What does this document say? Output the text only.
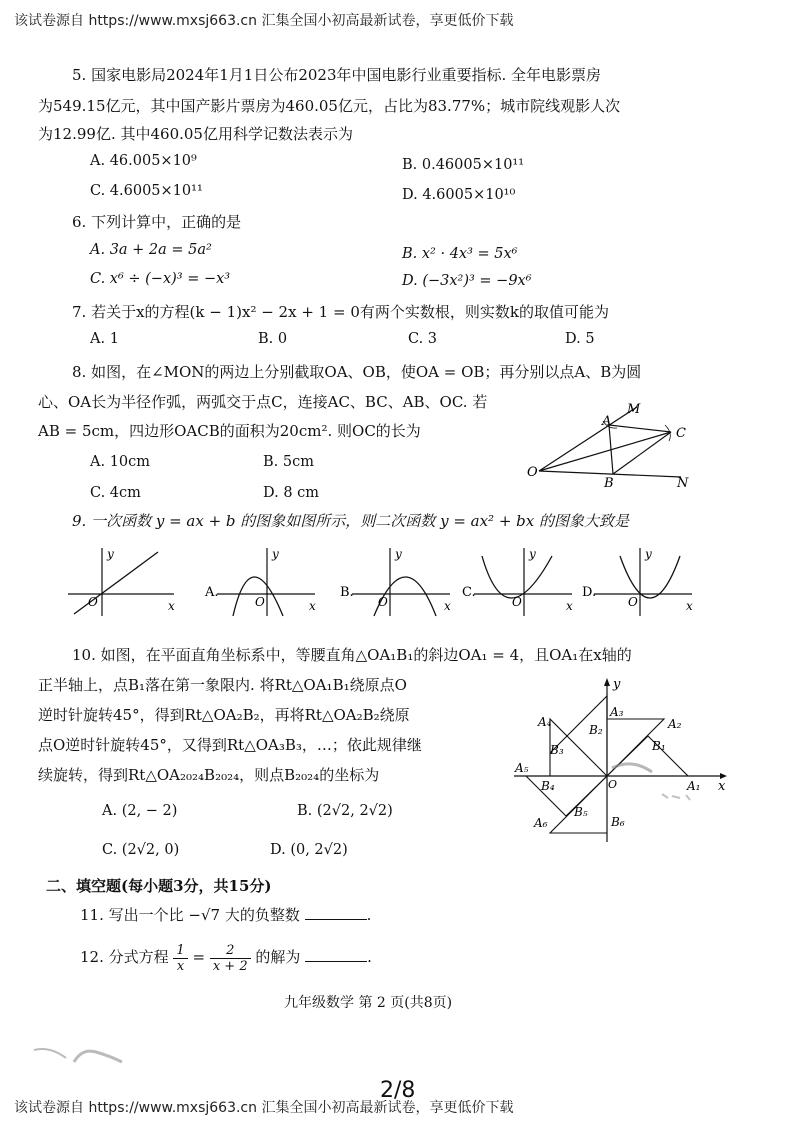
该试卷源自 https://www.mxsj663.cn 汇集全国小初高最新试卷，享更低价下载
该试卷源自 https://www.mxsj663.cn 汇集全国小初高最新试卷，享更低价下载
5. 国家电影局2024年1月1日公布2023年中国电影行业重要指标. 全年电影票房
为549.15亿元，其中国产影片票房为460.05亿元，占比为83.77%；城市院线观影人次
为12.99亿. 其中460.05亿用科学记数法表示为
A. 46.005×10⁹	B. 0.46005×10¹¹
C. 4.6005×10¹¹	D. 4.6005×10¹⁰
6. 下列计算中，正确的是
A. 3a + 2a = 5a²	B. x² · 4x³ = 5x⁶
C. x⁶ ÷ (−x)³ = −x³	D. (−3x²)³ = −9x⁶
7. 若关于x的方程(k − 1)x² − 2x + 1 = 0有两个实数根，则实数k的取值可能为
A. 1	B. 0	C. 3	D. 5
8. 如图，在∠MON的两边上分别截取OA、OB，使OA = OB；再分别以点A、B为圆
心、OA长为半径作弧，两弧交于点C，连接AC、BC、AB、OC. 若
AB = 5cm，四边形OACB的面积为20cm². 则OC的长为
A. 10cm	B. 5cm
C. 4cm	D. 8 cm
M
A
C
O
B	N
9. 一次函数 y = ax + b 的图象如图所示，则二次函数 y = ax² + bx 的图象大致是
y
x
O
A.
y
x
O
B.
y
x
O
C.
y
x
O
D.
y
x
O
10. 如图，在平面直角坐标系中，等腰直角△OA₁B₁的斜边OA₁ = 4，且OA₁在x轴的
正半轴上，点B₁落在第一象限内. 将Rt△OA₁B₁绕原点O
逆时针旋转45°，得到Rt△OA₂B₂，再将Rt△OA₂B₂绕原
点O逆时针旋转45°，又得到Rt△OA₃B₃，…；依此规律继
续旋转，得到Rt△OA₂₀₂₄B₂₀₂₄，则点B₂₀₂₄的坐标为
A. (2, − 2)	B. (2√2, 2√2)
C. (2√2, 0)	D. (0, 2√2)
y
x
A₁
A₂
A₃
A₄
A₅
A₆
B₁
B₂
B₃
B₄
B₅
B₆
O
二、填空题(每小题3分，共15分)
11. 写出一个比 −√7 大的负整数	.
12. 分式方程 $\frac{1}{x} = \frac{2}{x + 2}$ 的解为	.
九年级数学 第 2 页(共8页)
2/8
